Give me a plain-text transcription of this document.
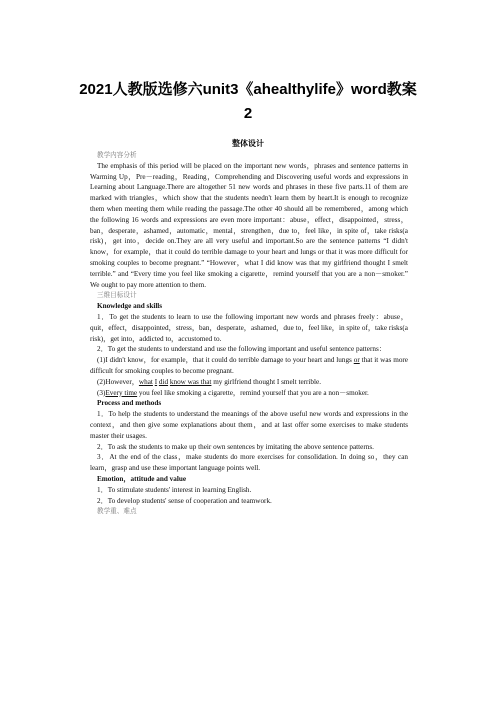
2021人教版选修六unit3《ahealthylife》word教案
2
整体设计

教学内容分析

The emphasis of this period will be placed on the important new words，phrases and sentence patterns in Warming Up，Pre－reading，Reading，Comprehending and Discovering useful words and expressions in Learning about Language.There are altogether 51 new words and phrases in these five parts.11 of them are marked with triangles，which show that the students needn't learn them by heart.It is enough to recognize them when meeting them while reading the passage.The other 40 should all be remembered，among which the following 16 words and expressions are even more important：abuse，effect，disappointed，stress，ban，desperate，ashamed，automatic，mental，strengthen，due to，feel like，in spite of，take risks(a risk)，get into，decide on.They are all very useful and important.So are the sentence patterns “I didn't know，for example，that it could do terrible damage to your heart and lungs or that it was more difficult for smoking couples to become pregnant.” “However，what I did know was that my girlfriend thought I smelt terrible.” and “Every time you feel like smoking a cigarette，remind yourself that you are a non－smoker.” We ought to pay more attention to them.

三维目标设计

Knowledge and skills

1．To get the students to learn to use the following important new words and phrases freely：abuse，quit，effect，disappointed，stress，ban，desperate，ashamed，due to，feel like，in spite of，take risks(a risk)，get into，addicted to，accustomed to.

2．To get the students to understand and use the following important and useful sentence patterns：

(1)I didn't know，for example，that it could do terrible damage to your heart and lungs or that it was more difficult for smoking couples to become pregnant.

(2)However，what I did know was that my girlfriend thought I smelt terrible.

(3)Every time you feel like smoking a cigarette，remind yourself that you are a non－smoker.

Process and methods

1．To help the students to understand the meanings of the above useful new words and expressions in the context，and then give some explanations about them，and at last offer some exercises to make students master their usages.

2．To ask the students to make up their own sentences by imitating the above sentence patterns.

3．At the end of the class，make students do more exercises for consolidation. In doing so，they can learn，grasp and use these important language points well.

Emotion，attitude and value

1．To stimulate students' interest in learning English.

2．To develop students' sense of cooperation and teamwork.

教学重、难点
